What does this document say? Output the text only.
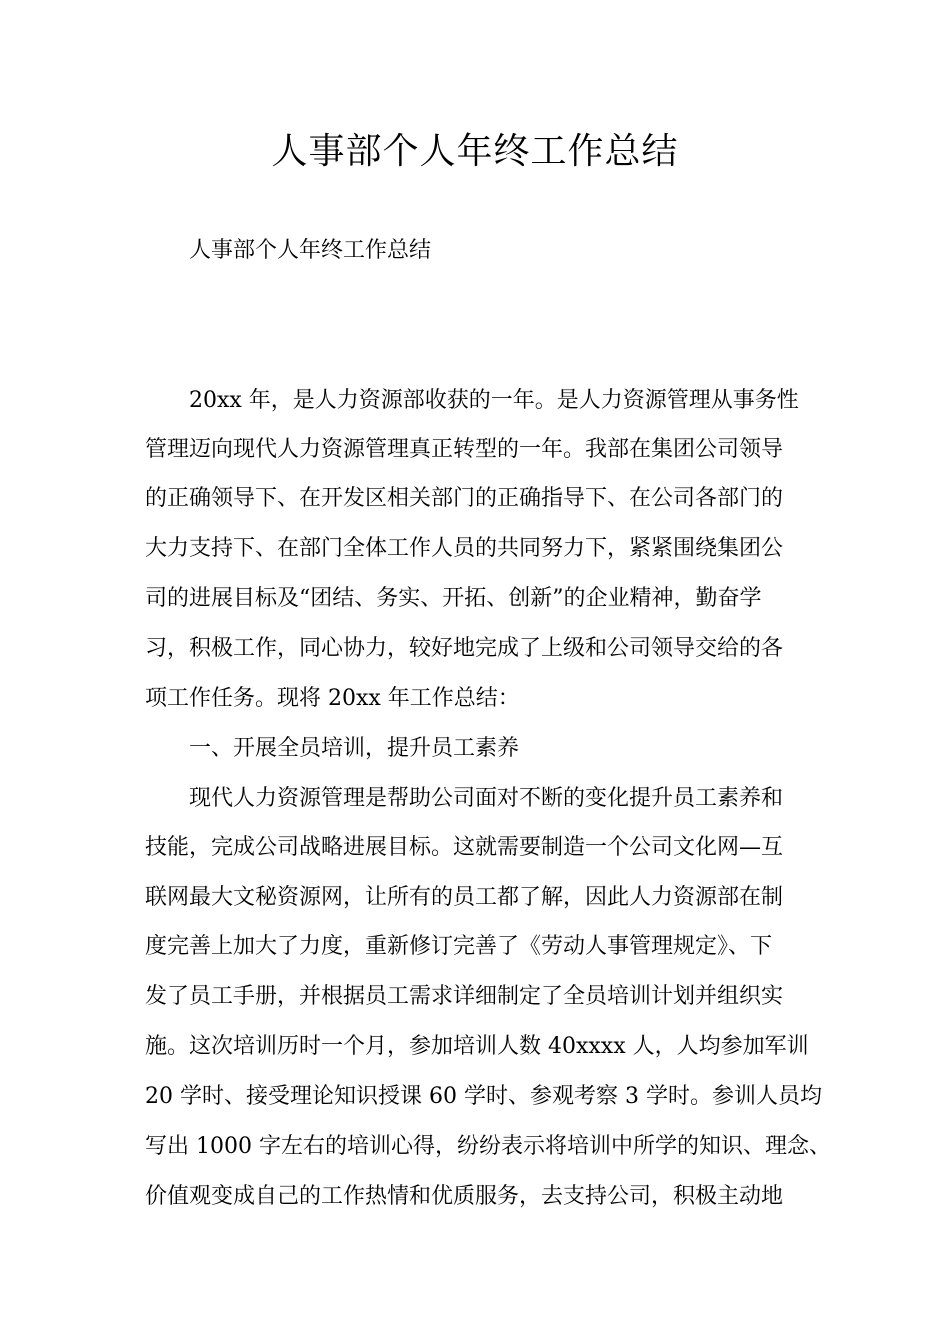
人事部个人年终工作总结
人事部个人年终工作总结
20xx 年，是人力资源部收获的一年。是人力资源管理从事务性
管理迈向现代人力资源管理真正转型的一年。我部在集团公司领导
的正确领导下、在开发区相关部门的正确指导下、在公司各部门的
大力支持下、在部门全体工作人员的共同努力下，紧紧围绕集团公
司的进展目标及“团结、务实、开拓、创新”的企业精神，勤奋学
习，积极工作，同心协力，较好地完成了上级和公司领导交给的各
项工作任务。现将 20xx 年工作总结：
一、开展全员培训，提升员工素养
现代人力资源管理是帮助公司面对不断的变化提升员工素养和
技能，完成公司战略进展目标。这就需要制造一个公司文化网—互
联网最大文秘资源网，让所有的员工都了解，因此人力资源部在制
度完善上加大了力度，重新修订完善了《劳动人事管理规定》、下
发了员工手册，并根据员工需求详细制定了全员培训计划并组织实
施。这次培训历时一个月，参加培训人数 40xxxx 人，人均参加军训
20 学时、接受理论知识授课 60 学时、参观考察 3 学时。参训人员均
写出 1000 字左右的培训心得，纷纷表示将培训中所学的知识、理念、
价值观变成自己的工作热情和优质服务，去支持公司，积极主动地
